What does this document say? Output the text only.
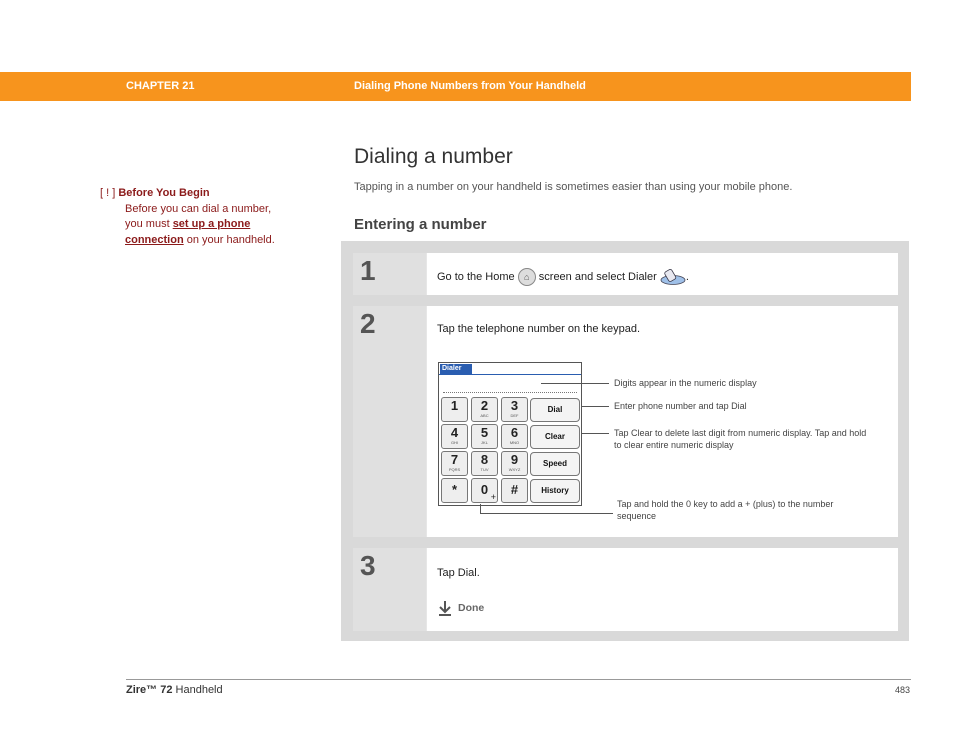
CHAPTER 21	Dialing Phone Numbers from Your Handheld
[ ! ] Before You Begin
Before you can dial a number, you must set up a phone connection on your handheld.
Dialing a number
Tapping in a number on your handheld is sometimes easier than using your mobile phone.
Entering a number
1	Go to the Home ⌂ screen and select Dialer	.
2	Tap the telephone number on the keypad.
Dialer
1	2
ABC
3
DEF
4
GHI
5
JKL
6
MNO
7
PQRS
8
TUV
9
WXYZ
*	0 +	#
Dial
Clear
Speed
History
Digits appear in the numeric display
Enter phone number and tap Dial
Tap Clear to delete last digit from numeric display. Tap and hold to clear entire numeric display
Tap and hold the 0 key to add a + (plus) to the number sequence
3	Tap Dial.
Done
Zire™ 72 Handheld	483
